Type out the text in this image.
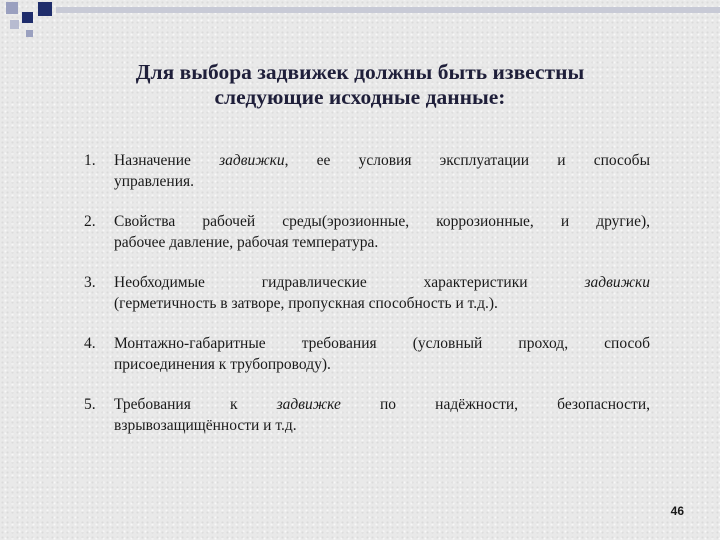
Для выбора задвижек должны быть известны
следующие исходные данные:
1. Назначение задвижки, ее условия эксплуатации и способы
управления.
2. Свойства рабочей среды(эрозионные, коррозионные, и другие),
рабочее давление, рабочая температура.
3. Необходимые гидравлические характеристики задвижки
(герметичность в затворе, пропускная способность и т.д.).
4. Монтажно-габаритные требования (условный проход, способ
присоединения к трубопроводу).
5. Требования к задвижке по надёжности, безопасности,
взрывозащищённости и т.д.
46
